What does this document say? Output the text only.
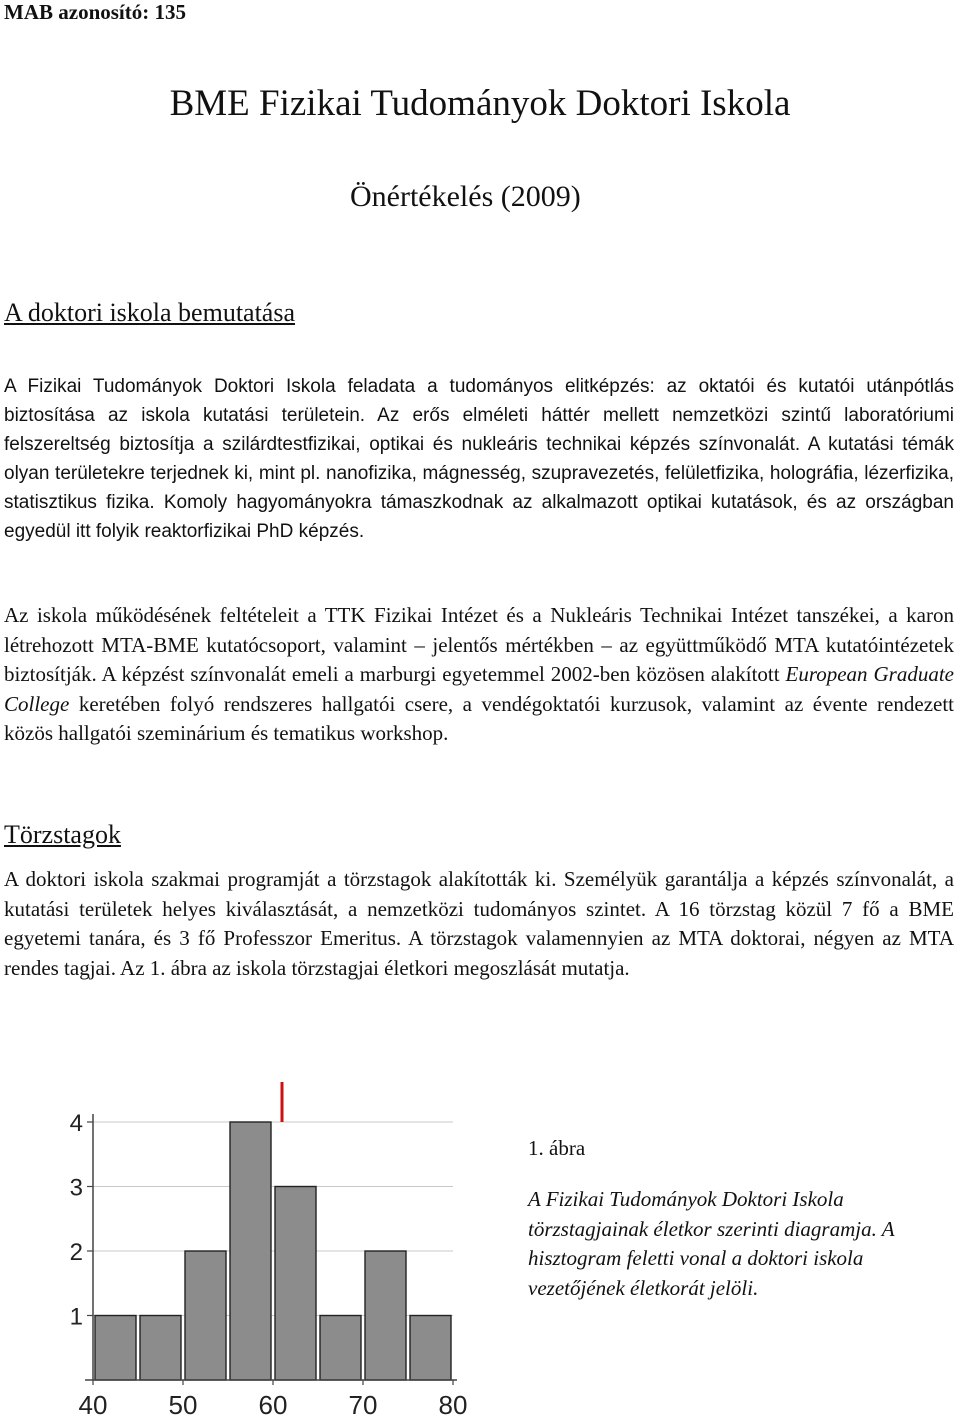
MAB azonosító: 135
BME Fizikai Tudományok Doktori Iskola
Önértékelés (2009)
A doktori iskola bemutatása

A Fizikai Tudományok Doktori Iskola feladata a tudományos elitképzés: az oktatói és kutatói utánpótlás biztosítása az iskola kutatási területein. Az erős elméleti háttér mellett nemzetközi szintű laboratóriumi felszereltség biztosítja a szilárdtestfizikai, optikai és nukleáris technikai képzés színvonalát. A kutatási témák olyan területekre terjednek ki, mint pl. nanofizika, mágnesség, szupravezetés, felületfizika, holográfia, lézerfizika, statisztikus fizika. Komoly hagyományokra támaszkodnak az alkalmazott optikai kutatások, és az országban egyedül itt folyik reaktorfizikai PhD képzés.

Az iskola működésének feltételeit a TTK Fizikai Intézet és a Nukleáris Technikai Intézet tanszékei, a karon létrehozott MTA-BME kutatócsoport, valamint – jelentős mértékben – az együttműködő MTA kutatóintézetek biztosítják. A képzést színvonalát emeli a marburgi egyetemmel 2002-ben közösen alakított European Graduate College keretében folyó rendszeres hallgatói csere, a vendégoktatói kurzusok, valamint az évente rendezett közös hallgatói szeminárium és tematikus workshop.

Törzstagok

A doktori iskola szakmai programját a törzstagok alakították ki. Személyük garantálja a képzés színvonalát, a kutatási területek helyes kiválasztását, a nemzetközi tudományos szintet. A 16 törzstag közül 7 fő a BME egyetemi tanára, és 3 fő Professzor Emeritus. A törzstagok valamennyien az MTA doktorai, négyen az MTA rendes tagjai. Az 1. ábra az iskola törzstagjai életkori megoszlását mutatja.

40 50 60 70 80
1
2
3
4
1. ábra
A Fizikai Tudományok Doktori Iskola törzstagjainak életkor szerinti diagramja. A hisztogram feletti vonal a doktori iskola vezetőjének életkorát jelöli.
